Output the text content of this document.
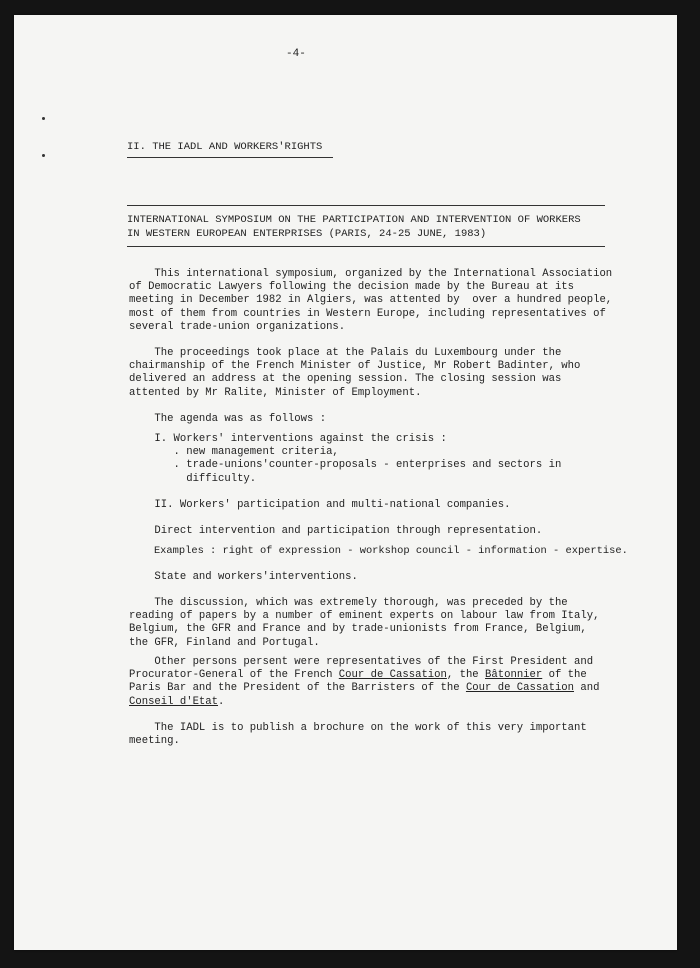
-4-
II. THE IADL AND WORKERS'RIGHTS
INTERNATIONAL SYMPOSIUM ON THE PARTICIPATION AND INTERVENTION OF WORKERS
IN WESTERN EUROPEAN ENTERPRISES (PARIS, 24-25 JUNE, 1983)
This international symposium, organized by the International Association
of Democratic Lawyers following the decision made by the Bureau at its
meeting in December 1982 in Algiers, was attented by  over a hundred people,
most of them from countries in Western Europe, including representatives of
several trade-union organizations.
The proceedings took place at the Palais du Luxembourg under the
chairmanship of the French Minister of Justice, Mr Robert Badinter, who
delivered an address at the opening session. The closing session was
attented by Mr Ralite, Minister of Employment.
The agenda was as follows :
I. Workers' interventions against the crisis :
. new management criteria,
. trade-unions'counter-proposals - enterprises and sectors in
difficulty.
II. Workers' participation and multi-national companies.
Direct intervention and participation through representation.
Examples : right of expression - workshop council - information - expertise.
State and workers'interventions.
The discussion, which was extremely thorough, was preceded by the
reading of papers by a number of eminent experts on labour law from Italy,
Belgium, the GFR and France and by trade-unionists from France, Belgium,
the GFR, Finland and Portugal.
Other persons persent were representatives of the First President and
Procurator-General of the French Cour de Cassation, the Bâtonnier of the
Paris Bar and the President of the Barristers of the Cour de Cassation and
Conseil d'Etat.
The IADL is to publish a brochure on the work of this very important
meeting.
